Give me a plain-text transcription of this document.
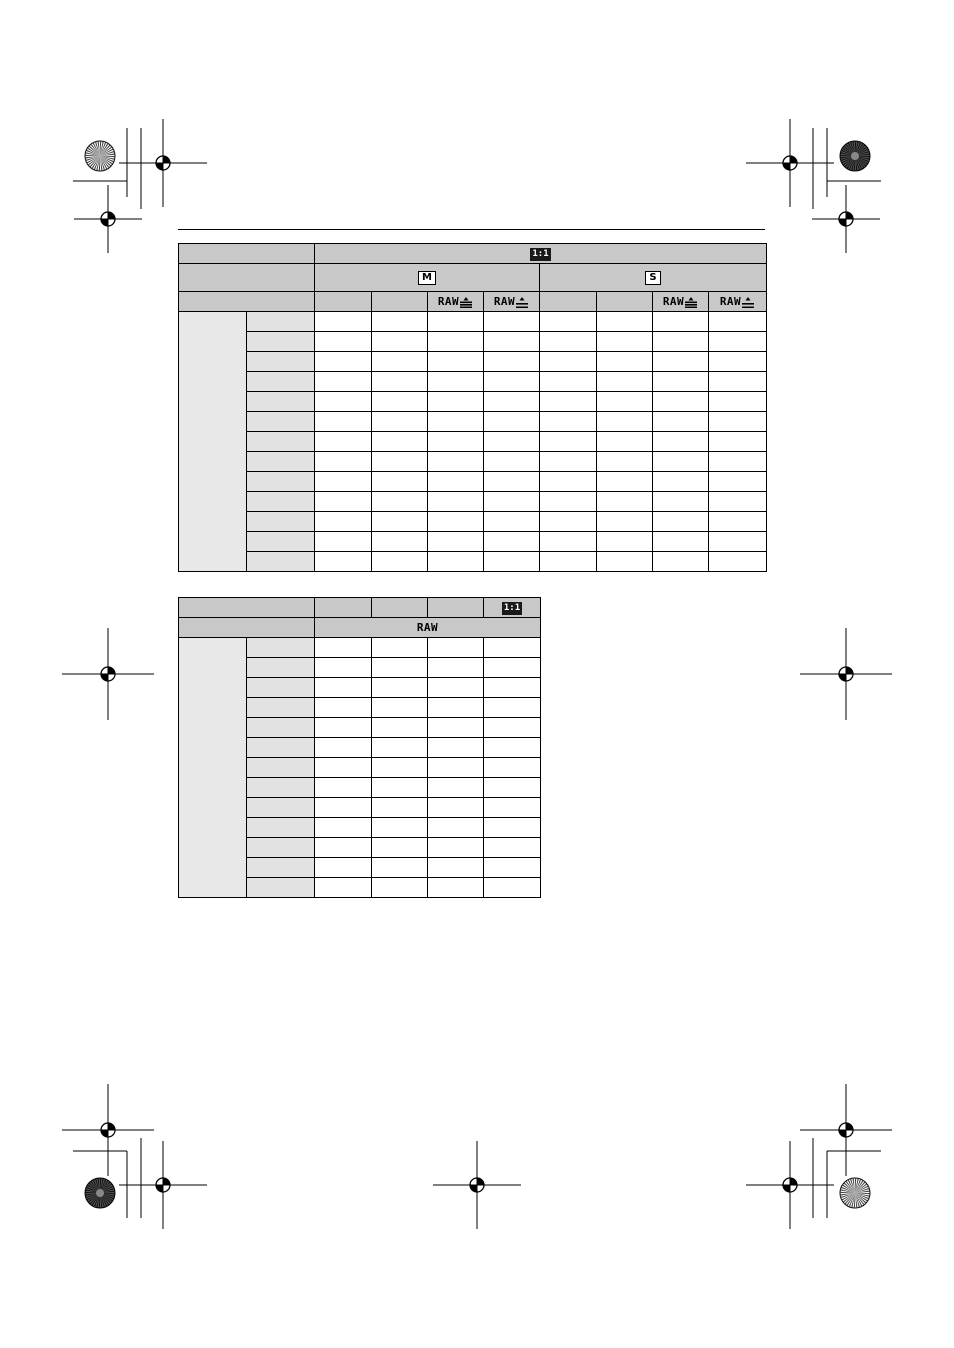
		1:1							
		M				S			
				RAW	RAW			RAW	RAW

					1:1
		RAW			
